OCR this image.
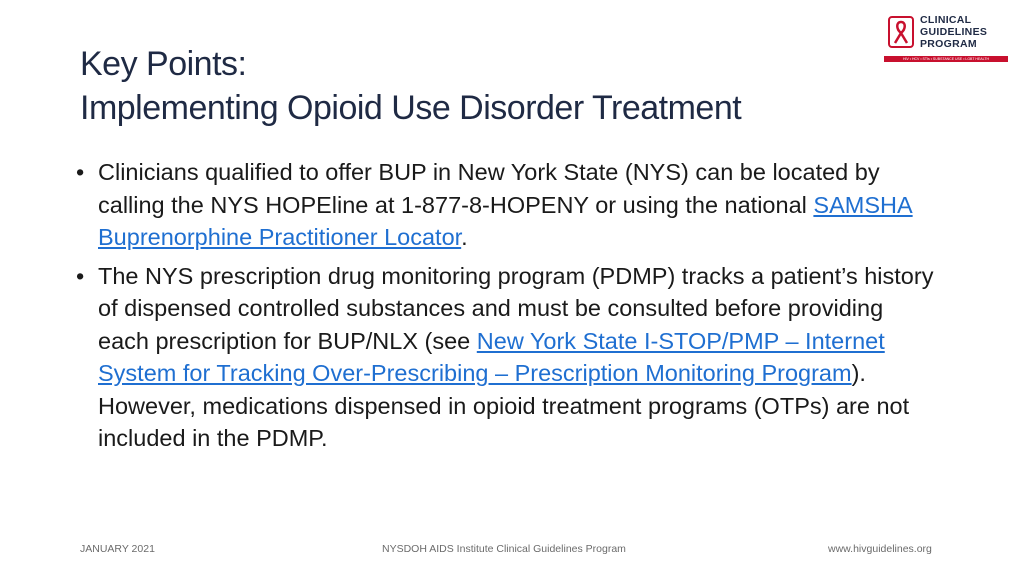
Key Points:
Implementing Opioid Use Disorder Treatment
CLINICAL
GUIDELINES
PROGRAM
HIV • HCV • STIs • SUBSTANCE USE • LGBT HEALTH
• Clinicians qualified to offer BUP in New York State (NYS) can be located by calling the NYS HOPEline at 1-877-8-HOPENY or using the national SAMSHA Buprenorphine Practitioner Locator.
• The NYS prescription drug monitoring program (PDMP) tracks a patient’s history of dispensed controlled substances and must be consulted before providing each prescription for BUP/NLX (see New York State I-STOP/PMP – Internet System for Tracking Over-Prescribing – Prescription Monitoring Program). However, medications dispensed in opioid treatment programs (OTPs) are not included in the PDMP.
JANUARY 2021	NYSDOH AIDS Institute Clinical Guidelines Program	www.hivguidelines.org
